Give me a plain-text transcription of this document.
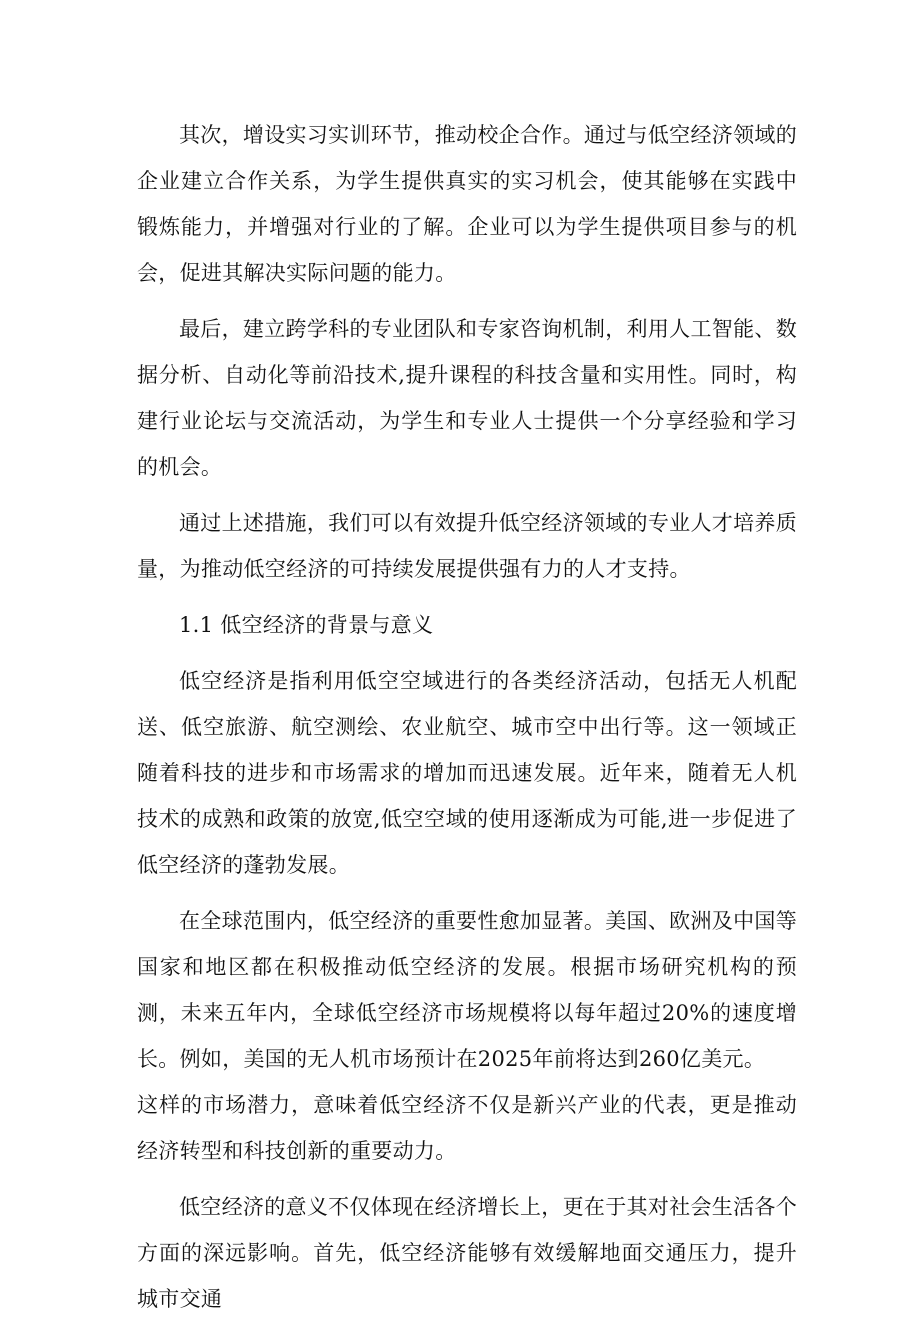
其次，增设实习实训环节，推动校企合作。通过与低空经济领域的企业建立合作关系，为学生提供真实的实习机会，使其能够在实践中锻炼能力，并增强对行业的了解。企业可以为学生提供项目参与的机会，促进其解决实际问题的能力。

最后，建立跨学科的专业团队和专家咨询机制，利用人工智能、数据分析、自动化等前沿技术,提升课程的科技含量和实用性。同时，构建行业论坛与交流活动，为学生和专业人士提供一个分享经验和学习的机会。

通过上述措施，我们可以有效提升低空经济领域的专业人才培养质量，为推动低空经济的可持续发展提供强有力的人才支持。

1.1 低空经济的背景与意义

低空经济是指利用低空空域进行的各类经济活动，包括无人机配送、低空旅游、航空测绘、农业航空、城市空中出行等。这一领域正随着科技的进步和市场需求的增加而迅速发展。近年来，随着无人机技术的成熟和政策的放宽,低空空域的使用逐渐成为可能,进一步促进了低空经济的蓬勃发展。

在全球范围内，低空经济的重要性愈加显著。美国、欧洲及中国等国家和地区都在积极推动低空经济的发展。根据市场研究机构的预测，未来五年内，全球低空经济市场规模将以每年超过20%的速度增长。例如，美国的无人机市场预计在2025年前将达到260亿美元。

这样的市场潜力，意味着低空经济不仅是新兴产业的代表，更是推动经济转型和科技创新的重要动力。

低空经济的意义不仅体现在经济增长上，更在于其对社会生活各个方面的深远影响。首先，低空经济能够有效缓解地面交通压力，提升城市交通
